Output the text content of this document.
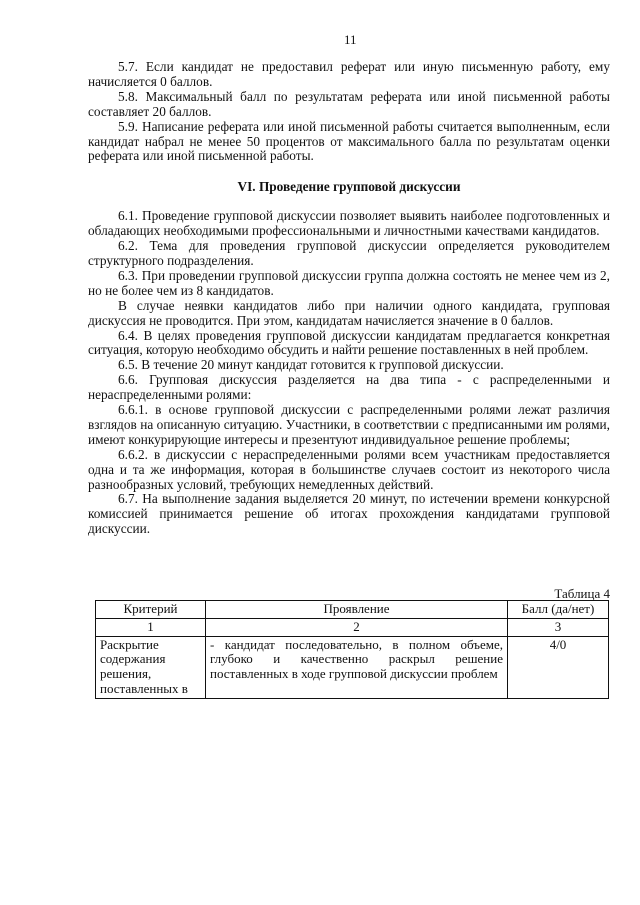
11

5.7. Если кандидат не предоставил реферат или иную письменную работу, ему начисляется 0 баллов.

5.8. Максимальный балл по результатам реферата или иной письменной работы составляет 20 баллов.

5.9. Написание реферата или иной письменной работы считается выполненным, если кандидат набрал не менее 50 процентов от максимального балла по результатам оценки реферата или иной письменной работы.

VI. Проведение групповой дискуссии

6.1. Проведение групповой дискуссии позволяет выявить наиболее подготовленных и обладающих необходимыми профессиональными и личностными качествами кандидатов.

6.2. Тема для проведения групповой дискуссии определяется руководителем структурного подразделения.

6.3. При проведении групповой дискуссии группа должна состоять не менее чем из 2, но не более чем из 8 кандидатов.

В случае неявки кандидатов либо при наличии одного кандидата, групповая дискуссия не проводится. При этом, кандидатам начисляется значение в 0 баллов.

6.4. В целях проведения групповой дискуссии кандидатам предлагается конкретная ситуация, которую необходимо обсудить и найти решение поставленных в ней проблем.

6.5. В течение 20 минут кандидат готовится к групповой дискуссии.

6.6. Групповая дискуссия разделяется на два типа - с распределенными и нераспределенными ролями:

6.6.1. в основе групповой дискуссии с распределенными ролями лежат различия взглядов на описанную ситуацию. Участники, в соответствии с предписанными им ролями, имеют конкурирующие интересы и презентуют индивидуальное решение проблемы;

6.6.2. в дискуссии с нераспределенными ролями всем участникам предоставляется одна и та же информация, которая в большинстве случаев состоит из некоторого числа разнообразных условий, требующих немедленных действий.

6.7. На выполнение задания выделяется 20 минут, по истечении времени конкурсной комиссией принимается решение об итогах прохождения кандидатами групповой дискуссии.

Таблица 4
Критерий	Проявление	Балл (да/нет)
1	2	3
Раскрытие содержания решения, поставленных в	- кандидат последовательно, в полном объеме, глубоко и качественно раскрыл решение поставленных в ходе групповой дискуссии проблем	4/0
